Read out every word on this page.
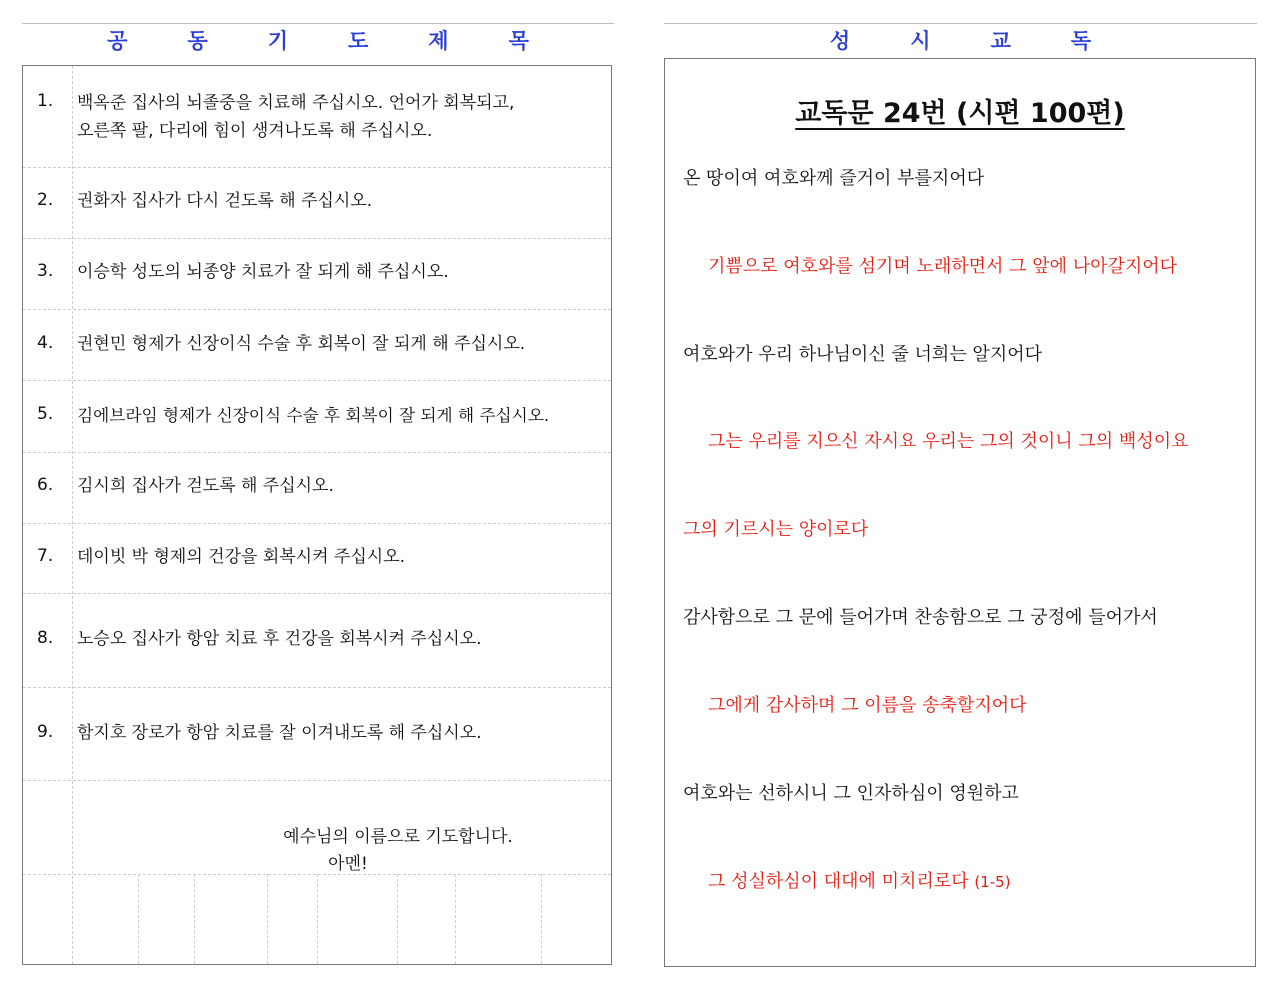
공	동	기	도	제	목
1. 백옥준 집사의 뇌졸중을 치료해 주십시오. 언어가 회복되고,
오른쪽 팔, 다리에 힘이 생겨나도록 해 주십시오.
2. 권화자 집사가 다시 걷도록 해 주십시오.
3. 이승학 성도의 뇌종양 치료가 잘 되게 해 주십시오.
4. 권현민 형제가 신장이식 수술 후 회복이 잘 되게 해 주십시오.
5. 김에브라임 형제가 신장이식 수술 후 회복이 잘 되게 해 주십시오.
6. 김시희 집사가 걷도록 해 주십시오.
7. 데이빗 박 형제의 건강을 회복시켜 주십시오.
8. 노승오 집사가 항암 치료 후 건강을 회복시켜 주십시오.
9. 함지호 장로가 항암 치료를 잘 이겨내도록 해 주십시오.
예수님의 이름으로 기도합니다.
아멘!
성	시	교	독
교독문 24번 (시편 100편)
온 땅이여 여호와께 즐거이 부를지어다
기쁨으로 여호와를 섬기며 노래하면서 그 앞에 나아갈지어다
여호와가 우리 하나님이신 줄 너희는 알지어다
그는 우리를 지으신 자시요 우리는 그의 것이니 그의 백성이요
그의 기르시는 양이로다
감사함으로 그 문에 들어가며 찬송함으로 그 궁정에 들어가서
그에게 감사하며 그 이름을 송축할지어다
여호와는 선하시니 그 인자하심이 영원하고
그 성실하심이 대대에 미치리로다 (1-5)
